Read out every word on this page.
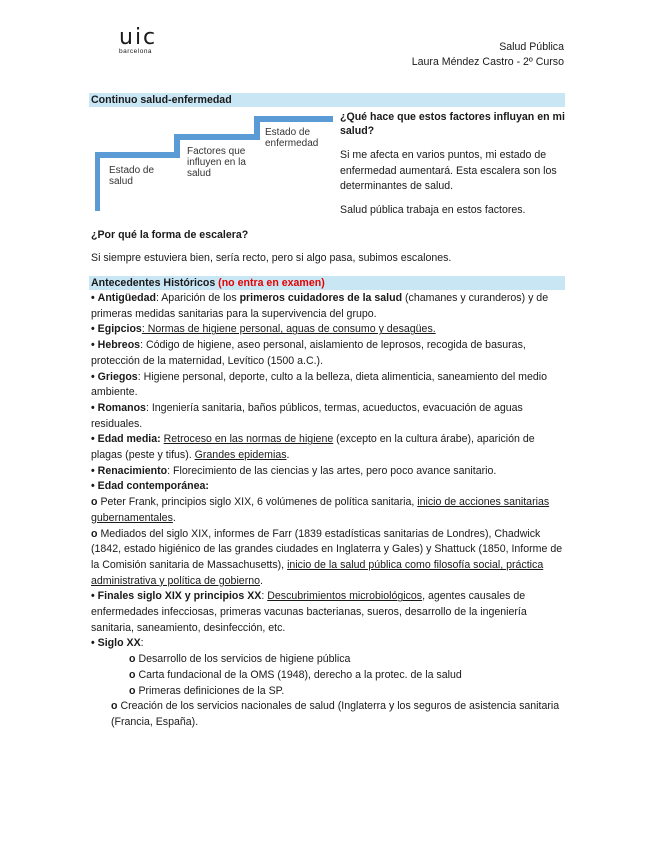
uic
barcelona	Salud Pública
Laura Méndez Castro - 2º Curso
Continuo salud-enfermedad
Estado de salud
Factores que influyen en la salud
Estado de enfermedad
¿Qué hace que estos factores influyan en mi salud?
Si me afecta en varios puntos, mi estado de enfermedad aumentará. Esta escalera son los determinantes de salud.
Salud pública trabaja en estos factores.
¿Por qué la forma de escalera?
Si siempre estuviera bien, sería recto, pero si algo pasa, subimos escalones.
Antecedentes Históricos (no entra en examen)

• Antigüedad: Aparición de los primeros cuidadores de la salud (chamanes y curanderos) y de primeras medidas sanitarias para la supervivencia del grupo.

• Egipcios: Normas de higiene personal, aguas de consumo y desagües.

• Hebreos: Código de higiene, aseo personal, aislamiento de leprosos, recogida de basuras, protección de la maternidad, Levítico (1500 a.C.).

• Griegos: Higiene personal, deporte, culto a la belleza, dieta alimenticia, saneamiento del medio ambiente.

• Romanos: Ingeniería sanitaria, baños públicos, termas, acueductos, evacuación de aguas residuales.

• Edad media: Retroceso en las normas de higiene (excepto en la cultura árabe), aparición de plagas (peste y tifus). Grandes epidemias.

• Renacimiento: Florecimiento de las ciencias y las artes, pero poco avance sanitario.

• Edad contemporánea:

o Peter Frank, principios siglo XIX, 6 volúmenes de política sanitaria, inicio de acciones sanitarias gubernamentales.

o Mediados del siglo XIX, informes de Farr (1839 estadísticas sanitarias de Londres), Chadwick (1842, estado higiénico de las grandes ciudades en Inglaterra y Gales) y Shattuck (1850, Informe de la Comisión sanitaria de Massachusetts), inicio de la salud pública como filosofía social, práctica administrativa y política de gobierno.

• Finales siglo XIX y principios XX: Descubrimientos microbiológicos, agentes causales de enfermedades infecciosas, primeras vacunas bacterianas, sueros, desarrollo de la ingeniería sanitaria, saneamiento, desinfección, etc.

• Siglo XX:

o Desarrollo de los servicios de higiene pública

o Carta fundacional de la OMS (1948), derecho a la protec. de la salud

o Primeras definiciones de la SP.

o Creación de los servicios nacionales de salud (Inglaterra y los seguros de asistencia sanitaria (Francia, España).
